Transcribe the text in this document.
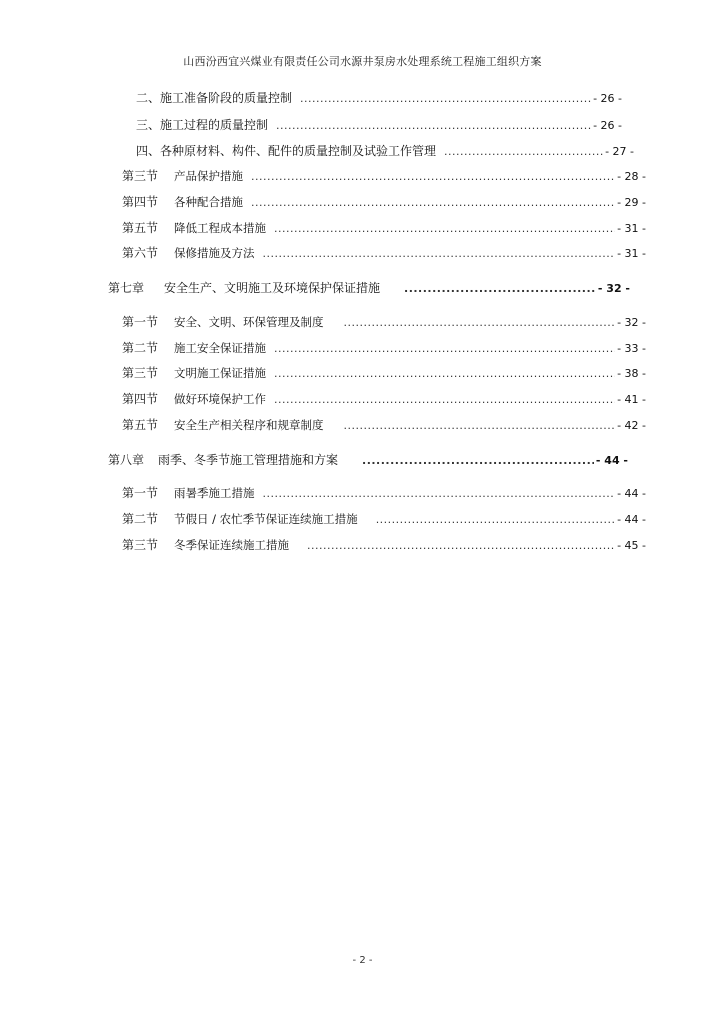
山西汾西宜兴煤业有限责任公司水源井泵房水处理系统工程施工组织方案
二、 施工准备阶段的质量控制 .....	- 26 -
三、 施工过程的质量控制 .....	- 26 -
四、 各种原材料、构件、配件的质量控制及试验工作管理 .....	- 27 -
第三节	产品保护措施 .....	- 28 -
第四节	各种配合措施 .....	- 29 -
第五节	降低工程成本措施 .....	- 31 -
第六节	保修措施及方法 .....	- 31 -
第七章	安全生产、文明施工及环境保护保证措施 .....	- 32 -
第一节	安全、文明、环保管理及制度 .....	- 32 -
第二节	施工安全保证措施 .....	- 33 -
第三节	文明施工保证措施 .....	- 38 -
第四节	做好环境保护工作 .....	- 41 -
第五节	安全生产相关程序和规章制度 .....	- 42 -
第八章	雨季、冬季节施工管理措施和方案 .....	- 44 -
第一节	雨暑季施工措施 .....	- 44 -
第二节	节假日 / 农忙季节保证连续施工措施 .....	- 44 -
第三节	冬季保证连续施工措施 .....	- 45 -
- 2 -
